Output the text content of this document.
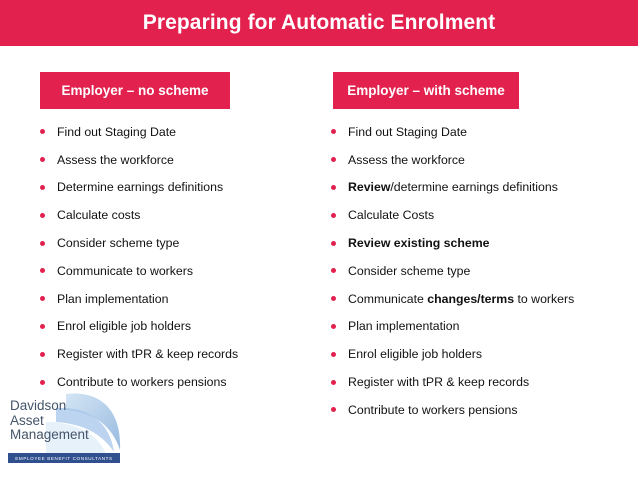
Preparing for Automatic Enrolment
Employer – no scheme	Employer – with scheme
Find out Staging Date
Assess the workforce
Determine earnings definitions
Calculate costs
Consider scheme type
Communicate to workers
Plan implementation
Enrol eligible job holders
Register with tPR & keep records
Contribute to workers pensions
Find out Staging Date
Assess the workforce
Review/determine earnings definitions
Calculate Costs
Review existing scheme
Consider scheme type
Communicate changes/terms to workers
Plan implementation
Enrol eligible job holders
Register with tPR & keep records
Contribute to workers pensions
Davidson
Asset
Management
EMPLOYEE BENEFIT CONSULTANTS
